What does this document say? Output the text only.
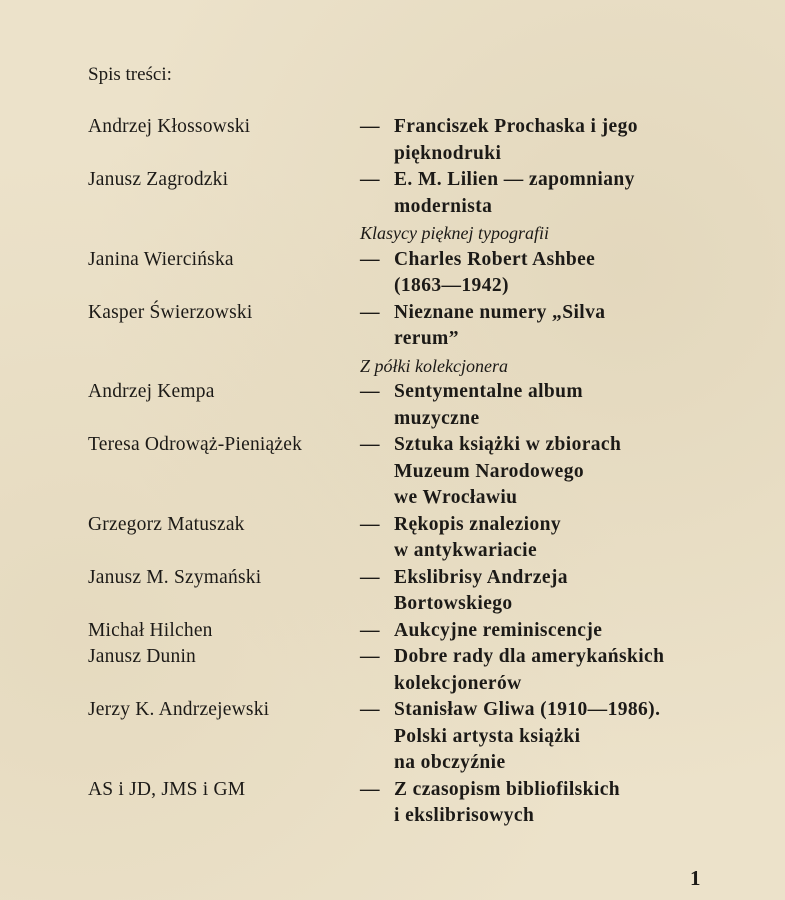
Spis treści:
Andrzej Kłossowski	— Franciszek Prochaska i jego
pięknodruki
Janusz Zagrodzki	— E. M. Lilien — zapomniany
modernista
Klasycy pięknej typografii
Janina Wiercińska	— Charles Robert Ashbee
(1863—1942)
Kasper Świerzowski	— Nieznane numery „Silva
rerum”
Z półki kolekcjonera
Andrzej Kempa	— Sentymentalne album
muzyczne
Teresa Odrowąż-Pieniążek	— Sztuka książki w zbiorach
Muzeum Narodowego
we Wrocławiu
Grzegorz Matuszak	— Rękopis znaleziony
w antykwariacie
Janusz M. Szymański	— Ekslibrisy Andrzeja
Bortowskiego
Michał Hilchen	— Aukcyjne reminiscencje
Janusz Dunin	— Dobre rady dla amerykańskich
kolekcjonerów
Jerzy K. Andrzejewski	— Stanisław Gliwa (1910—1986).
Polski artysta książki
na obczyźnie
AS i JD, JMS i GM	— Z czasopism bibliofilskich
i ekslibrisowych
1
